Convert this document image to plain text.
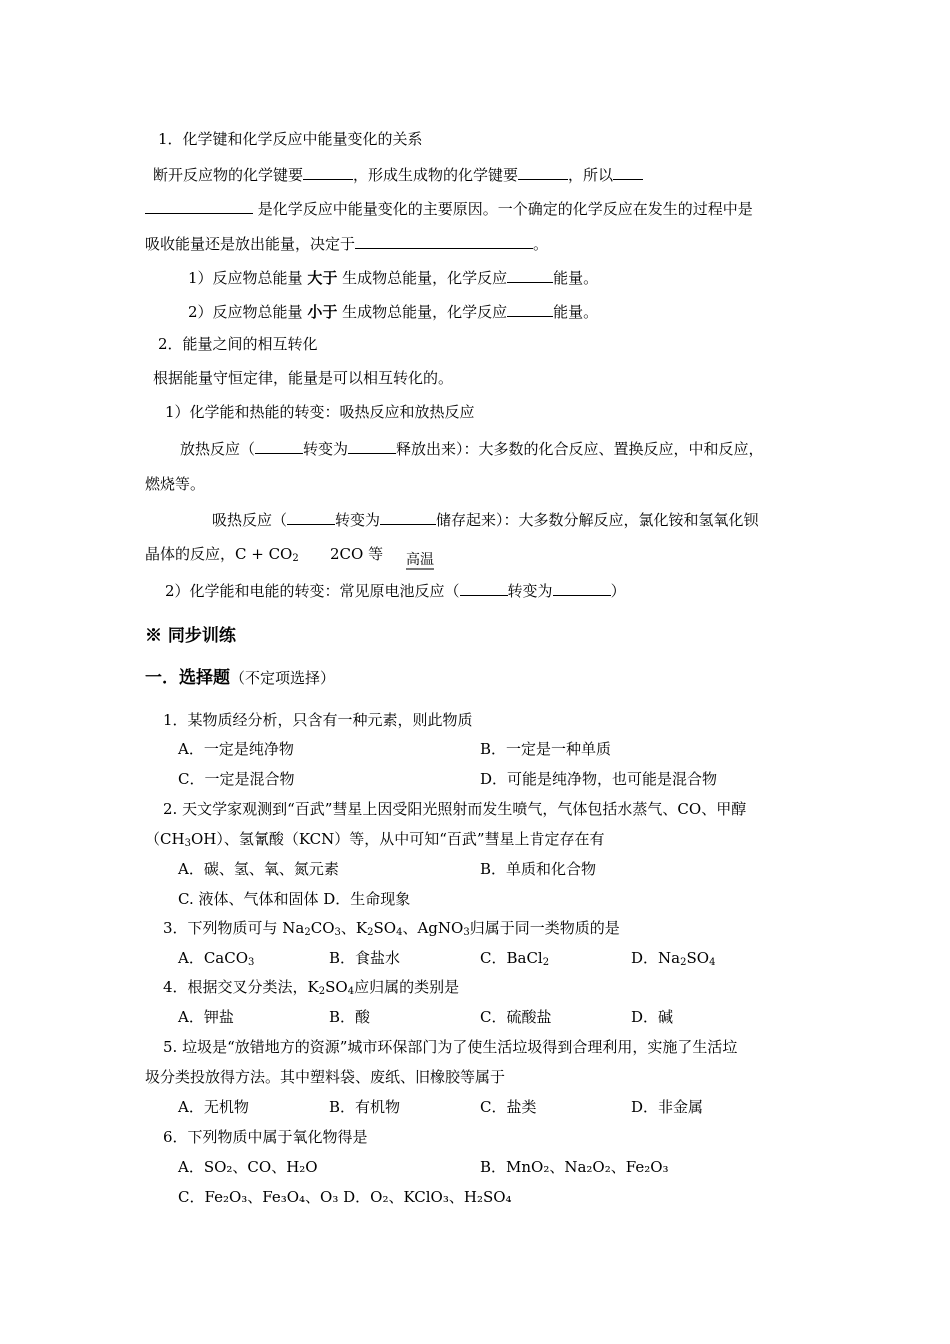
1．化学键和化学反应中能量变化的关系
断开反应物的化学键要	，形成生成物的化学键要	，所以
是化学反应中能量变化的主要原因。一个确定的化学反应在发生的过程中是
吸收能量还是放出能量，决定于	。
1）反应物总能量 大于 生成物总能量，化学反应	能量。
2）反应物总能量 小于 生成物总能量，化学反应	能量。
2．能量之间的相互转化
根据能量守恒定律，能量是可以相互转化的。
1）化学能和热能的转变：吸热反应和放热反应
放热反应（	转变为	释放出来）：大多数的化合反应、置换反应，中和反应，
燃烧等。
吸热反应（	转变为	储存起来）：大多数分解反应，氯化铵和氢氧化钡
晶体的反应，$C + CO_2$ 2CO 等 高温
2）化学能和电能的转变：常见原电池反应（	转变为	）
※ 同步训练
一．选择题（不定项选择）
1．某物质经分析，只含有一种元素，则此物质
A．一定是纯净物	B．一定是一种单质
C．一定是混合物	D．可能是纯净物，也可能是混合物
2. 天文学家观测到“百武”彗星上因受阳光照射而发生喷气，气体包括水蒸气、CO、甲醇
$(CH_3OH)$、氢氰酸（KCN）等，从中可知“百武”彗星上肯定存在有
A．碳、氢、氧、氮元素	B．单质和化合物
C. 液体、气体和固体 D．生命现象
3．下列物质可与 $Na_2CO_3$、$K_2SO_4$、AgNO$_3$归属于同一类物质的是
A．CaCO$_3$	B．食盐水	C．BaCl$_2$	D．$Na_2SO_4$
4．根据交叉分类法，$K_2SO_4$应归属的类别是
A．钾盐	B．酸	C．硫酸盐	D．碱
5. 垃圾是“放错地方的资源”城市环保部门为了使生活垃圾得到合理利用，实施了生活垃
圾分类投放得方法。其中塑料袋、废纸、旧橡胶等属于
A．无机物	B．有机物	C．盐类	D．非金属
6．下列物质中属于氧化物得是
A．SO₂、CO、H₂O	B．MnO₂、Na₂O₂、Fe₂O₃
C．Fe₂O₃、Fe₃O₄、O₃ D．O₂、KClO₃、H₂SO₄
